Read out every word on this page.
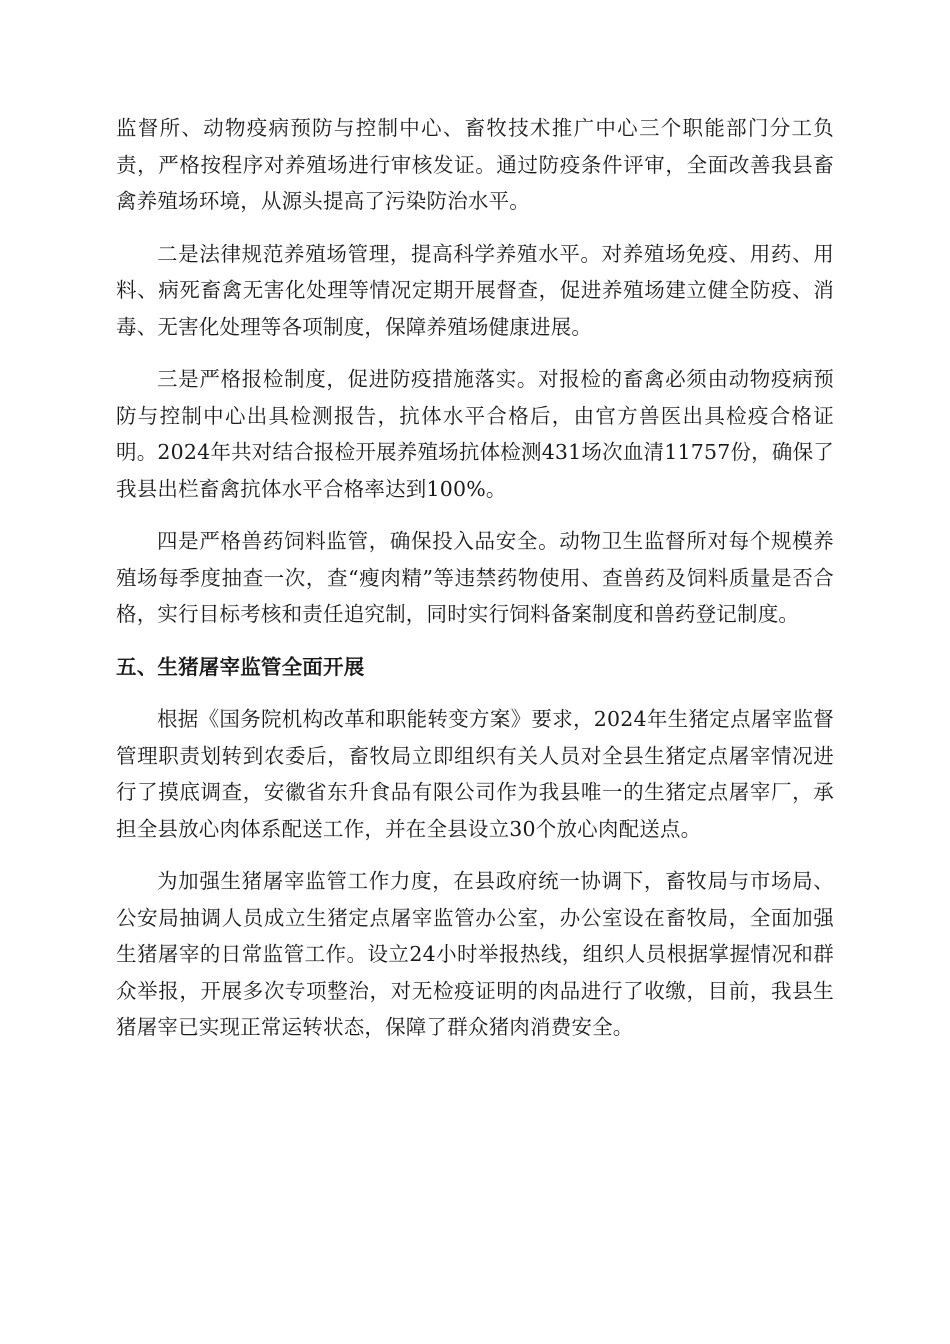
监督所、动物疫病预防与控制中心、畜牧技术推广中心三个职能部门分工负责，严格按程序对养殖场进行审核发证。通过防疫条件评审，全面改善我县畜禽养殖场环境，从源头提高了污染防治水平。

二是法律规范养殖场管理，提高科学养殖水平。对养殖场免疫、用药、用料、病死畜禽无害化处理等情况定期开展督查，促进养殖场建立健全防疫、消毒、无害化处理等各项制度，保障养殖场健康进展。

三是严格报检制度，促进防疫措施落实。对报检的畜禽必须由动物疫病预防与控制中心出具检测报告，抗体水平合格后，由官方兽医出具检疫合格证明。2024年共对结合报检开展养殖场抗体检测431场次血清11757份，确保了我县出栏畜禽抗体水平合格率达到100%。

四是严格兽药饲料监管，确保投入品安全。动物卫生监督所对每个规模养殖场每季度抽查一次，查“瘦肉精”等违禁药物使用、查兽药及饲料质量是否合格，实行目标考核和责任追究制，同时实行饲料备案制度和兽药登记制度。

五、生猪屠宰监管全面开展

根据《国务院机构改革和职能转变方案》要求，2024年生猪定点屠宰监督管理职责划转到农委后，畜牧局立即组织有关人员对全县生猪定点屠宰情况进行了摸底调查，安徽省东升食品有限公司作为我县唯一的生猪定点屠宰厂，承担全县放心肉体系配送工作，并在全县设立30个放心肉配送点。

为加强生猪屠宰监管工作力度，在县政府统一协调下，畜牧局与市场局、公安局抽调人员成立生猪定点屠宰监管办公室，办公室设在畜牧局，全面加强生猪屠宰的日常监管工作。设立24小时举报热线，组织人员根据掌握情况和群众举报，开展多次专项整治，对无检疫证明的肉品进行了收缴，目前，我县生猪屠宰已实现正常运转状态，保障了群众猪肉消费安全。
